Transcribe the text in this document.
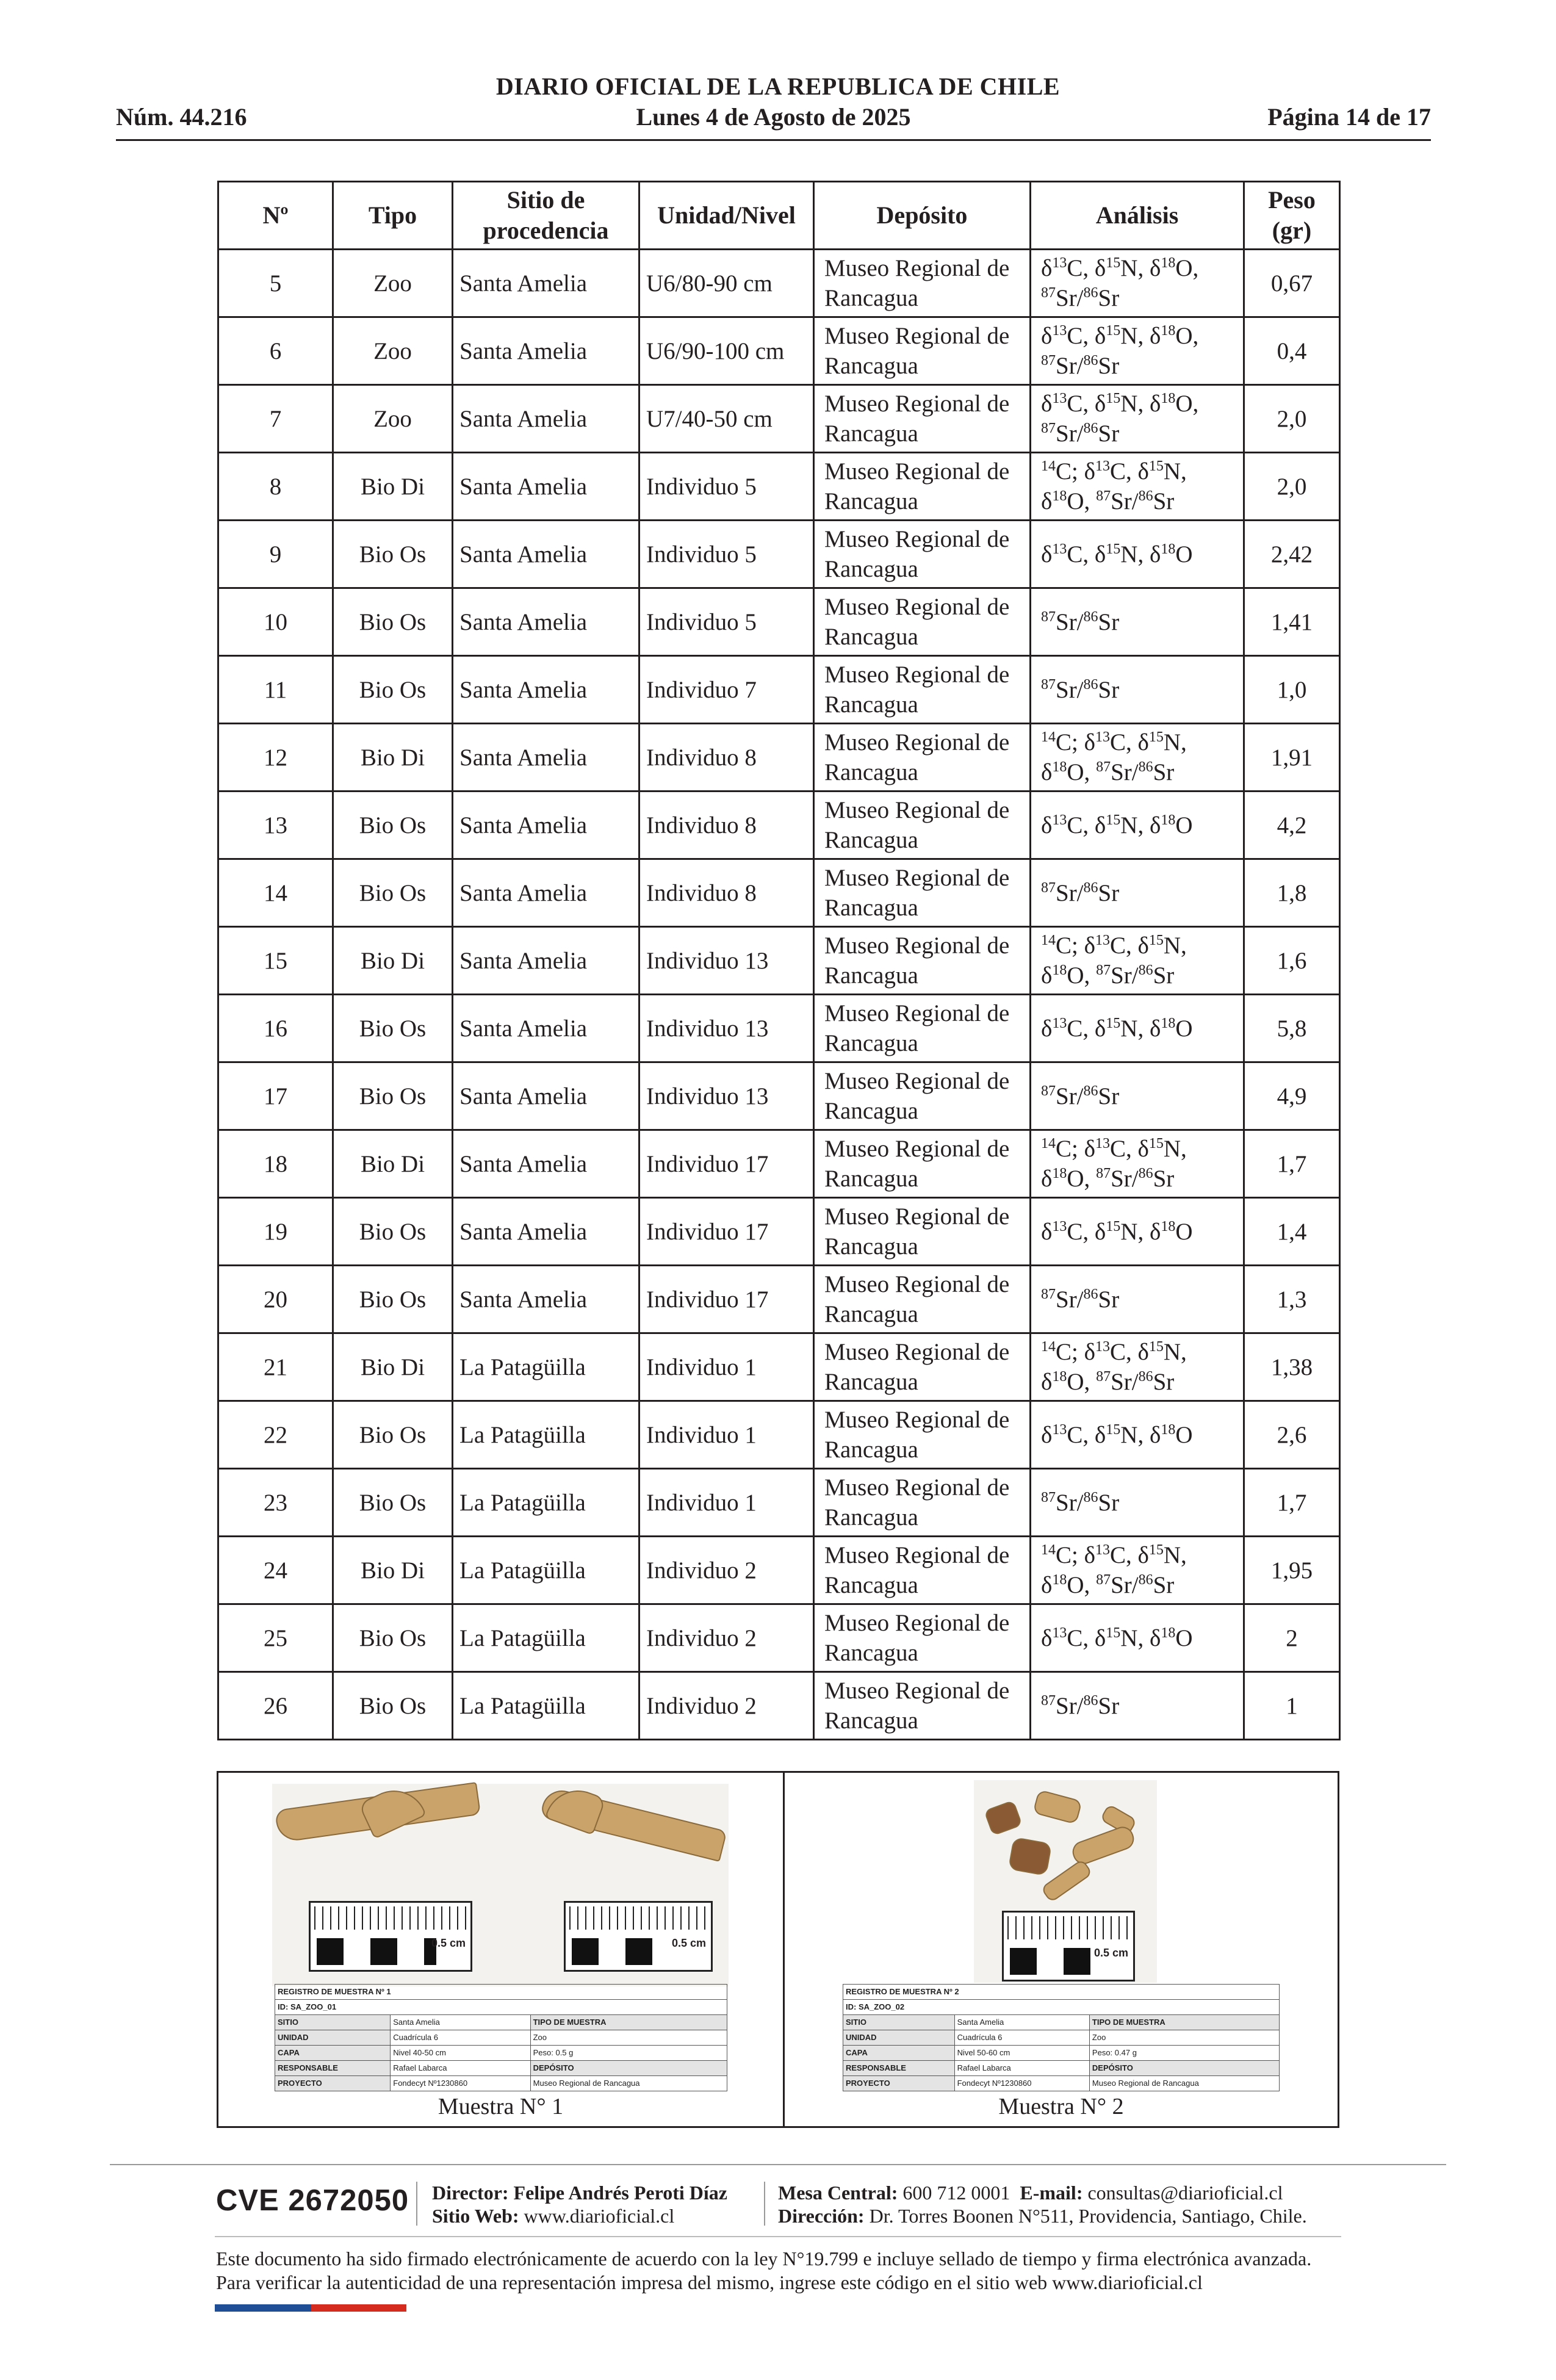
DIARIO OFICIAL DE LA REPUBLICA DE CHILE
Núm. 44.216	Lunes 4 de Agosto de 2025	Página 14 de 17
Nº	Tipo	Sitio de procedencia	Unidad/Nivel	Depósito	Análisis	Peso (gr)
5	Zoo	Santa Amelia	U6/80-90 cm	Museo Regional de Rancagua	$\delta^{13}C$, $\delta^{15}N$, $\delta^{18}O$,
$^{87}$Sr/$^{86}$Sr	0,67
6	Zoo	Santa Amelia	U6/90-100 cm	Museo Regional de Rancagua	$\delta^{13}C$, $\delta^{15}N$, $\delta^{18}O$,
$^{87}$Sr/$^{86}$Sr	0,4
7	Zoo	Santa Amelia	U7/40-50 cm	Museo Regional de Rancagua	$\delta^{13}C$, $\delta^{15}N$, $\delta^{18}O$,
$^{87}$Sr/$^{86}$Sr	2,0
8	Bio Di	Santa Amelia	Individuo 5	Museo Regional de Rancagua	$^{14}$C; $\delta^{13}C$, $\delta^{15}N$,
$\delta^{18}O$, $^{87}$Sr/$^{86}$Sr	2,0
9	Bio Os	Santa Amelia	Individuo 5	Museo Regional de Rancagua	$\delta^{13}C$, $\delta^{15}N$, $\delta^{18}O$	2,42
10	Bio Os	Santa Amelia	Individuo 5	Museo Regional de Rancagua	$^{87}$Sr/$^{86}$Sr	1,41
11	Bio Os	Santa Amelia	Individuo 7	Museo Regional de Rancagua	$^{87}$Sr/$^{86}$Sr	1,0
12	Bio Di	Santa Amelia	Individuo 8	Museo Regional de Rancagua	$^{14}$C; $\delta^{13}C$, $\delta^{15}N$,
$\delta^{18}O$, $^{87}$Sr/$^{86}$Sr	1,91
13	Bio Os	Santa Amelia	Individuo 8	Museo Regional de Rancagua	$\delta^{13}C$, $\delta^{15}N$, $\delta^{18}O$	4,2
14	Bio Os	Santa Amelia	Individuo 8	Museo Regional de Rancagua	$^{87}$Sr/$^{86}$Sr	1,8
15	Bio Di	Santa Amelia	Individuo 13	Museo Regional de Rancagua	$^{14}$C; $\delta^{13}C$, $\delta^{15}N$,
$\delta^{18}O$, $^{87}$Sr/$^{86}$Sr	1,6
16	Bio Os	Santa Amelia	Individuo 13	Museo Regional de Rancagua	$\delta^{13}C$, $\delta^{15}N$, $\delta^{18}O$	5,8
17	Bio Os	Santa Amelia	Individuo 13	Museo Regional de Rancagua	$^{87}$Sr/$^{86}$Sr	4,9
18	Bio Di	Santa Amelia	Individuo 17	Museo Regional de Rancagua	$^{14}$C; $\delta^{13}C$, $\delta^{15}N$,
$\delta^{18}O$, $^{87}$Sr/$^{86}$Sr	1,7
19	Bio Os	Santa Amelia	Individuo 17	Museo Regional de Rancagua	$\delta^{13}C$, $\delta^{15}N$, $\delta^{18}O$	1,4
20	Bio Os	Santa Amelia	Individuo 17	Museo Regional de Rancagua	$^{87}$Sr/$^{86}$Sr	1,3
21	Bio Di	La Patagüilla	Individuo 1	Museo Regional de Rancagua	$^{14}$C; $\delta^{13}C$, $\delta^{15}N$,
$\delta^{18}O$, $^{87}$Sr/$^{86}$Sr	1,38
22	Bio Os	La Patagüilla	Individuo 1	Museo Regional de Rancagua	$\delta^{13}C$, $\delta^{15}N$, $\delta^{18}O$	2,6
23	Bio Os	La Patagüilla	Individuo 1	Museo Regional de Rancagua	$^{87}$Sr/$^{86}$Sr	1,7
24	Bio Di	La Patagüilla	Individuo 2	Museo Regional de Rancagua	$^{14}$C; $\delta^{13}C$, $\delta^{15}N$,
$\delta^{18}O$, $^{87}$Sr/$^{86}$Sr	1,95
25	Bio Os	La Patagüilla	Individuo 2	Museo Regional de Rancagua	$\delta^{13}C$, $\delta^{15}N$, $\delta^{18}O$	2
26	Bio Os	La Patagüilla	Individuo 2	Museo Regional de Rancagua	$^{87}$Sr/$^{86}$Sr	1
0.5 cm	0.5 cm
REGISTRO DE MUESTRA Nº 1		
ID: SA_ZOO_01		
SITIO	Santa Amelia	TIPO DE MUESTRA
UNIDAD	Cuadrícula 6	Zoo
CAPA	Nivel 40-50 cm	Peso: 0.5 g
RESPONSABLE	Rafael Labarca	DEPÓSITO
PROYECTO	Fondecyt Nº1230860	Museo Regional de Rancagua
Muestra N° 1
0.5 cm
REGISTRO DE MUESTRA Nº 2		
ID: SA_ZOO_02		
SITIO	Santa Amelia	TIPO DE MUESTRA
UNIDAD	Cuadrícula 6	Zoo
CAPA	Nivel 50-60 cm	Peso: 0.47 g
RESPONSABLE	Rafael Labarca	DEPÓSITO
PROYECTO	Fondecyt Nº1230860	Museo Regional de Rancagua
Muestra N° 2
CVE 2672050 Director: Felipe Andrés Peroti Díaz
Sitio Web: www.diarioficial.cl
Mesa Central: 600 712 0001 E-mail: consultas@diarioficial.cl
Dirección: Dr. Torres Boonen N°511, Providencia, Santiago, Chile.
Este documento ha sido firmado electrónicamente de acuerdo con la ley N°19.799 e incluye sellado de tiempo y firma electrónica avanzada. Para verificar la autenticidad de una representación impresa del mismo, ingrese este código en el sitio web www.diarioficial.cl
